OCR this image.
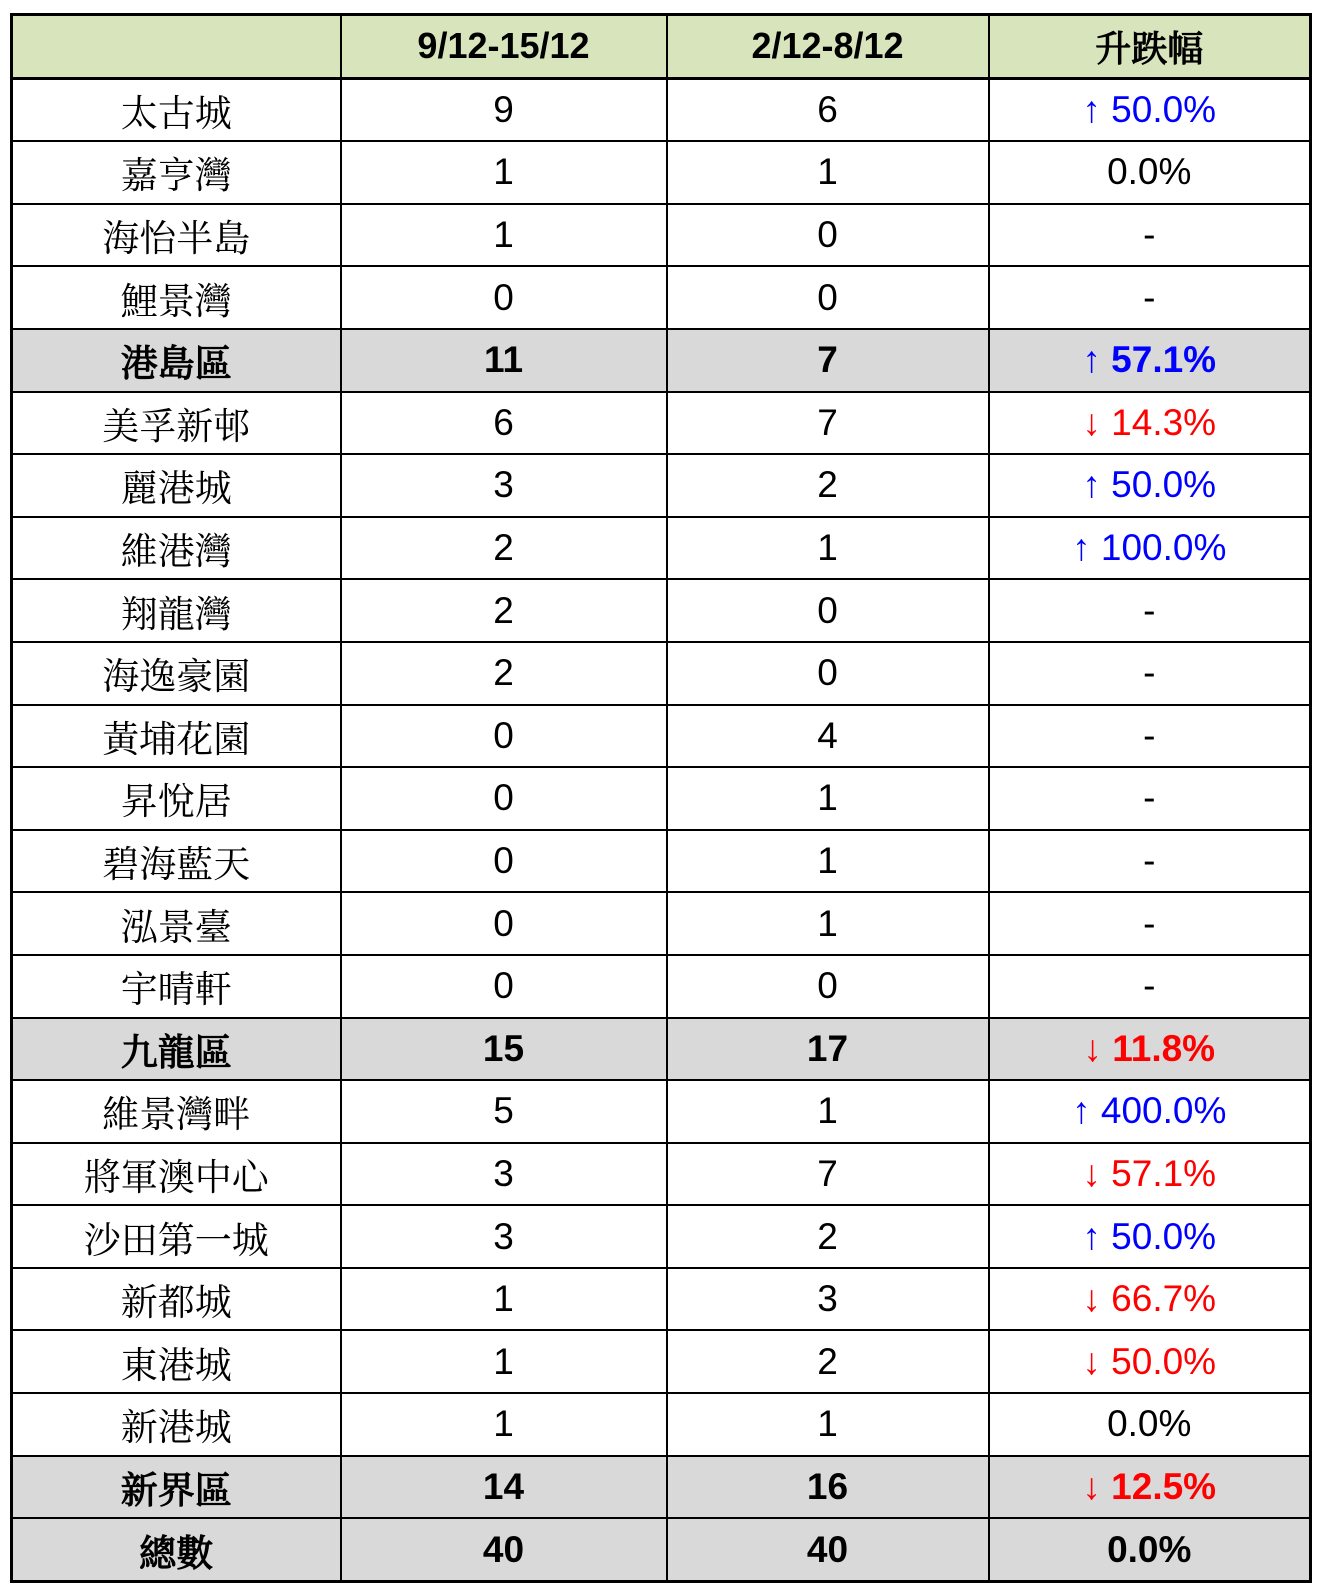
	9/12-15/12	2/12-8/12	升跌幅
太古城	9	6	↑ 50.0%
嘉亨灣	1	1	0.0%
海怡半島	1	0	-
鯉景灣	0	0	-
港島區	11	7	↑ 57.1%
美孚新邨	6	7	↓ 14.3%
麗港城	3	2	↑ 50.0%
維港灣	2	1	↑ 100.0%
翔龍灣	2	0	-
海逸豪園	2	0	-
黃埔花園	0	4	-
昇悅居	0	1	-
碧海藍天	0	1	-
泓景臺	0	1	-
宇晴軒	0	0	-
九龍區	15	17	↓ 11.8%
維景灣畔	5	1	↑ 400.0%
將軍澳中心	3	7	↓ 57.1%
沙田第一城	3	2	↑ 50.0%
新都城	1	3	↓ 66.7%
東港城	1	2	↓ 50.0%
新港城	1	1	0.0%
新界區	14	16	↓ 12.5%
總數	40	40	0.0%
